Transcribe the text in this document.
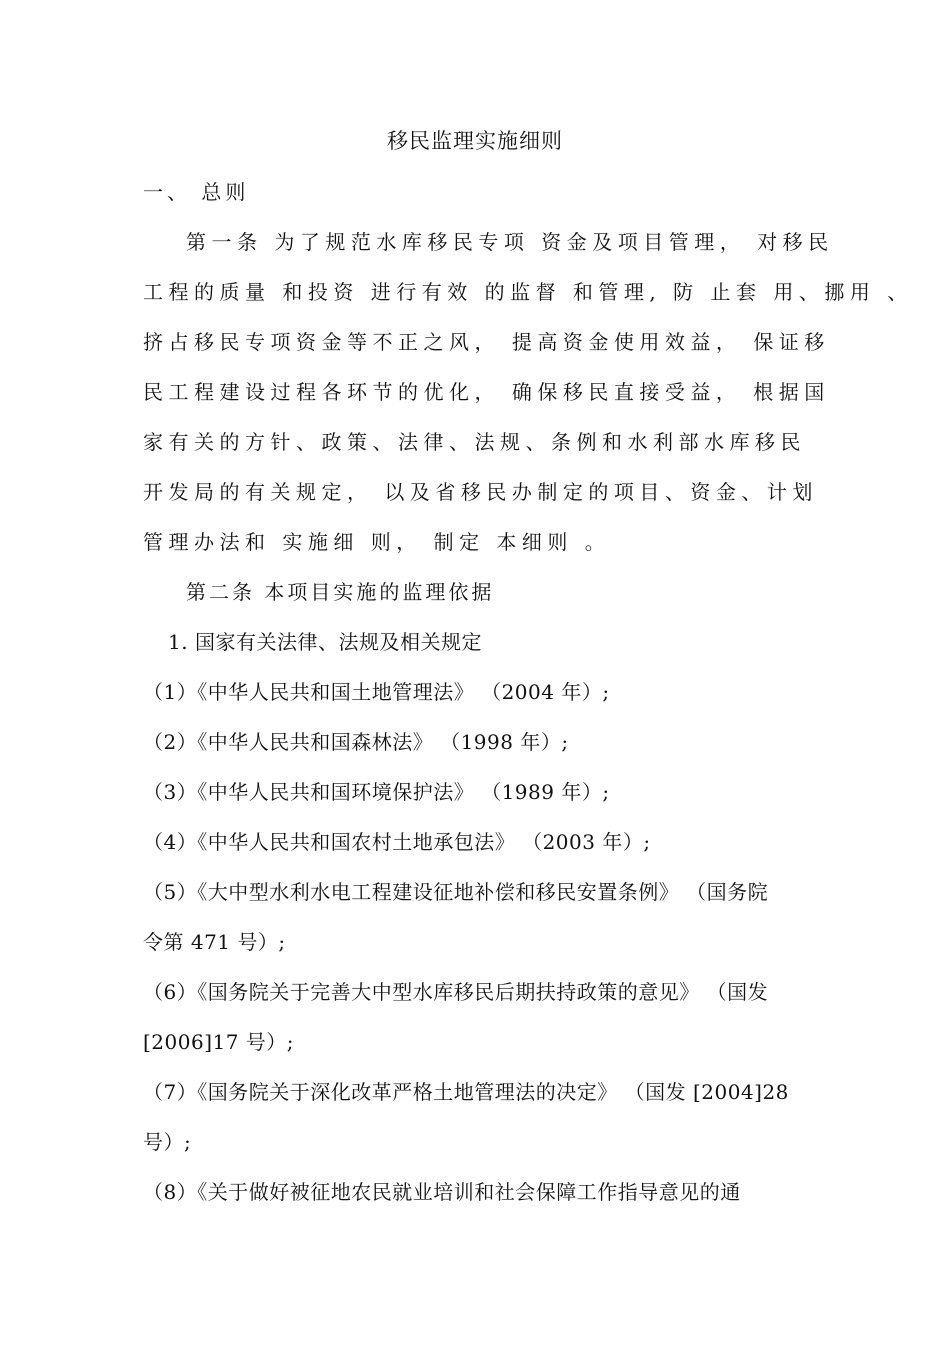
移民监理实施细则
一、 总则
第一条 为了规范水库移民专项 资金及项目管理， 对移民
工程的质量 和投资 进行有效 的监督 和管理, 防 止套 用、挪用 、
挤占移民专项资金等不正之风， 提高资金使用效益， 保证移
民工程建设过程各环节的优化， 确保移民直接受益， 根据国
家有关的方针、政策、法律、法规、条例和水利部水库移民
开发局的有关规定， 以及省移民办制定的项目、资金、计划
管理办法和 实施细 则， 制定 本细则 。
第二条 本项目实施的监理依据
1. 国家有关法律、法规及相关规定
（1）《中华人民共和国土地管理法》 （2004 年）;
（2）《中华人民共和国森林法》 （1998 年）;
（3）《中华人民共和国环境保护法》 （1989 年）;
（4）《中华人民共和国农村土地承包法》 （2003 年）;
（5）《大中型水利水电工程建设征地补偿和移民安置条例》 （国务院
令第 471 号）;
（6）《国务院关于完善大中型水库移民后期扶持政策的意见》 （国发
[2006]17 号）;
（7）《国务院关于深化改革严格土地管理法的决定》 （国发 [2004]28
号）;
（8）《关于做好被征地农民就业培训和社会保障工作指导意见的通
